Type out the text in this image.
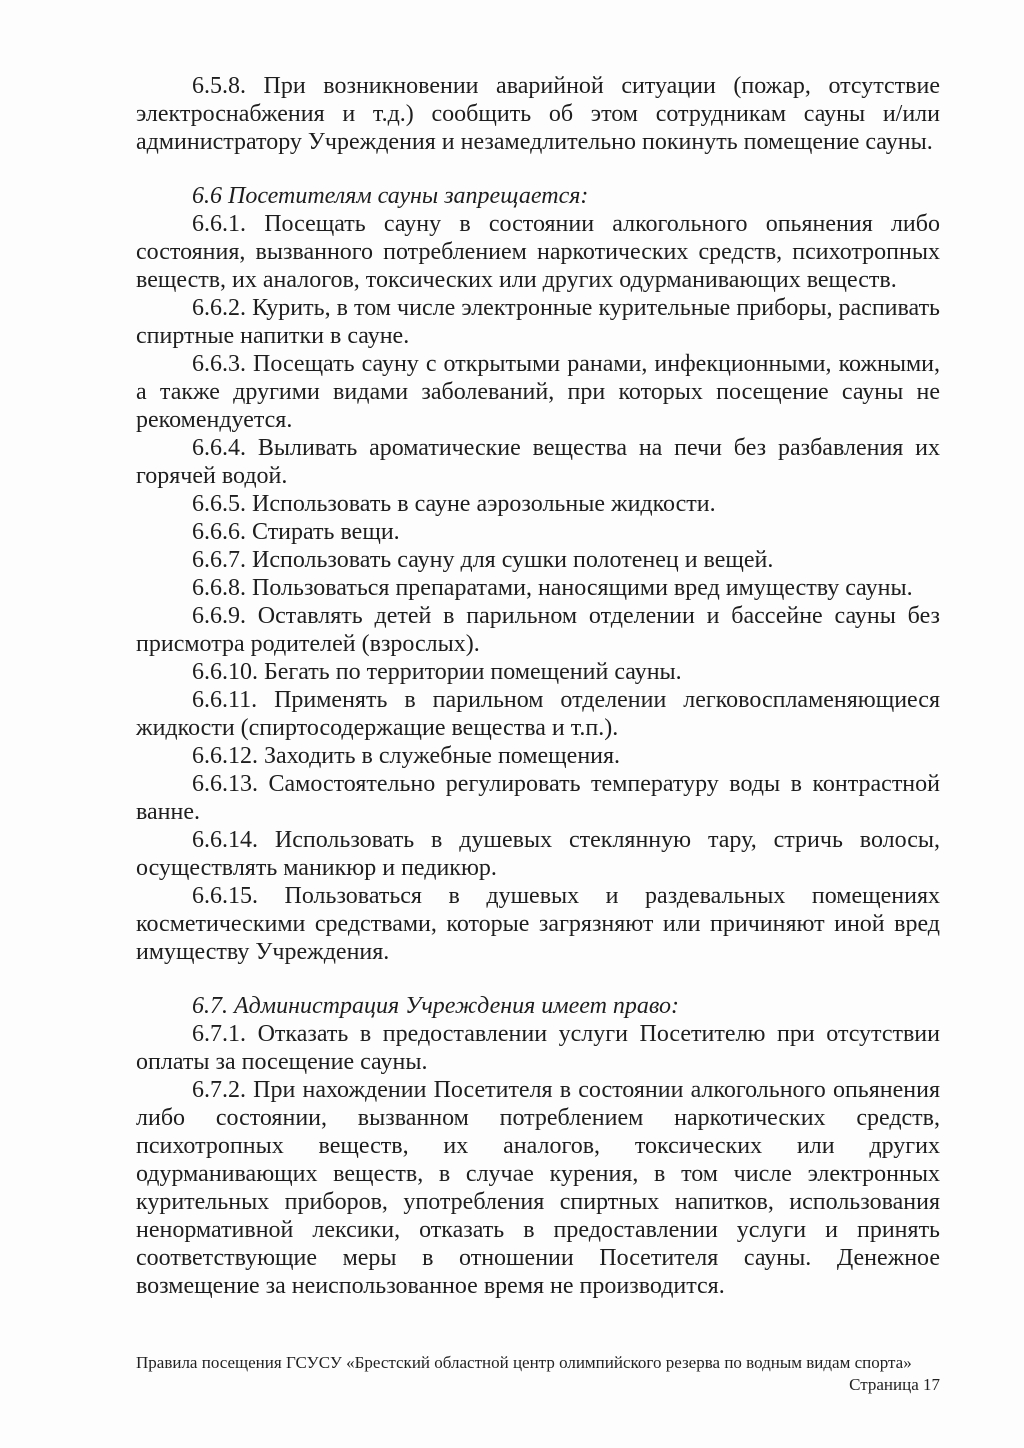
6.5.8. При возникновении аварийной ситуации (пожар, отсутствие электроснабжения и т.д.) сообщить об этом сотрудникам сауны и/или администратору Учреждения и незамедлительно покинуть помещение сауны.

6.6 Посетителям сауны запрещается:

6.6.1. Посещать сауну в состоянии алкогольного опьянения либо состояния, вызванного потреблением наркотических средств, психотропных веществ, их аналогов, токсических или других одурманивающих веществ.

6.6.2. Курить, в том числе электронные курительные приборы, распивать спиртные напитки в сауне.

6.6.3. Посещать сауну с открытыми ранами, инфекционными, кожными, а также другими видами заболеваний, при которых посещение сауны не рекомендуется.

6.6.4. Выливать ароматические вещества на печи без разбавления их горячей водой.

6.6.5. Использовать в сауне аэрозольные жидкости.

6.6.6. Стирать вещи.

6.6.7. Использовать сауну для сушки полотенец и вещей.

6.6.8. Пользоваться препаратами, наносящими вред имуществу сауны.

6.6.9. Оставлять детей в парильном отделении и бассейне сауны без присмотра родителей (взрослых).

6.6.10. Бегать по территории помещений сауны.

6.6.11. Применять в парильном отделении легковоспламеняющиеся жидкости (спиртосодержащие вещества и т.п.).

6.6.12. Заходить в служебные помещения.

6.6.13. Самостоятельно регулировать температуру воды в контрастной ванне.

6.6.14. Использовать в душевых стеклянную тару, стричь волосы, осуществлять маникюр и педикюр.

6.6.15. Пользоваться в душевых и раздевальных помещениях косметическими средствами, которые загрязняют или причиняют иной вред имуществу Учреждения.

6.7. Администрация Учреждения имеет право:

6.7.1. Отказать в предоставлении услуги Посетителю при отсутствии оплаты за посещение сауны.

6.7.2. При нахождении Посетителя в состоянии алкогольного опьянения либо состоянии, вызванном потреблением наркотических средств, психотропных веществ, их аналогов, токсических или других одурманивающих веществ, в случае курения, в том числе электронных курительных приборов, употребления спиртных напитков, использования ненормативной лексики, отказать в предоставлении услуги и принять соответствующие меры в отношении Посетителя сауны. Денежное возмещение за неиспользованное время не производится.

Правила посещения ГСУСУ «Брестский областной центр олимпийского резерва по водным видам спорта»
Страница 17
